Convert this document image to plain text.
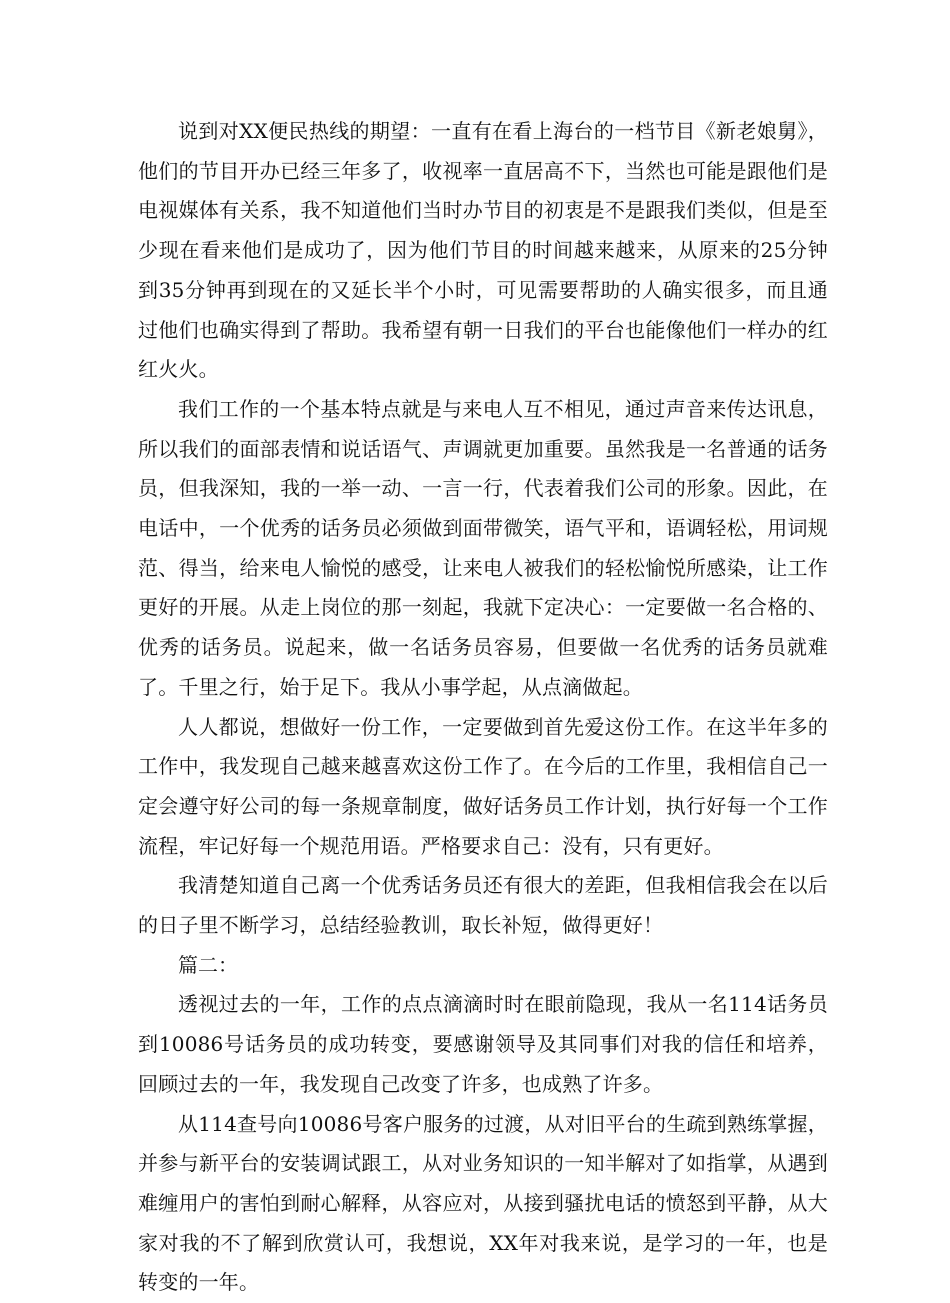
说到对XX便民热线的期望：一直有在看上海台的一档节目《新老娘舅》，他们的节目开办已经三年多了，收视率一直居高不下，当然也可能是跟他们是电视媒体有关系，我不知道他们当时办节目的初衷是不是跟我们类似，但是至少现在看来他们是成功了，因为他们节目的时间越来越来，从原来的25分钟到35分钟再到现在的又延长半个小时，可见需要帮助的人确实很多，而且通过他们也确实得到了帮助。我希望有朝一日我们的平台也能像他们一样办的红红火火。

我们工作的一个基本特点就是与来电人互不相见，通过声音来传达讯息，所以我们的面部表情和说话语气、声调就更加重要。虽然我是一名普通的话务员，但我深知，我的一举一动、一言一行，代表着我们公司的形象。因此，在电话中，一个优秀的话务员必须做到面带微笑，语气平和，语调轻松，用词规范、得当，给来电人愉悦的感受，让来电人被我们的轻松愉悦所感染，让工作更好的开展。从走上岗位的那一刻起，我就下定决心：一定要做一名合格的、优秀的话务员。说起来，做一名话务员容易，但要做一名优秀的话务员就难了。千里之行，始于足下。我从小事学起，从点滴做起。

人人都说，想做好一份工作，一定要做到首先爱这份工作。在这半年多的工作中，我发现自己越来越喜欢这份工作了。在今后的工作里，我相信自己一定会遵守好公司的每一条规章制度，做好话务员工作计划，执行好每一个工作流程，牢记好每一个规范用语。严格要求自己：没有，只有更好。

我清楚知道自己离一个优秀话务员还有很大的差距，但我相信我会在以后的日子里不断学习，总结经验教训，取长补短，做得更好！

篇二：

透视过去的一年，工作的点点滴滴时时在眼前隐现，我从一名114话务员到10086号话务员的成功转变，要感谢领导及其同事们对我的信任和培养，回顾过去的一年，我发现自己改变了许多，也成熟了许多。

从114查号向10086号客户服务的过渡，从对旧平台的生疏到熟练掌握，并参与新平台的安装调试跟工，从对业务知识的一知半解对了如指掌，从遇到难缠用户的害怕到耐心解释，从容应对，从接到骚扰电话的愤怒到平静，从大家对我的不了解到欣赏认可，我想说，XX年对我来说，是学习的一年，也是转变的一年。
